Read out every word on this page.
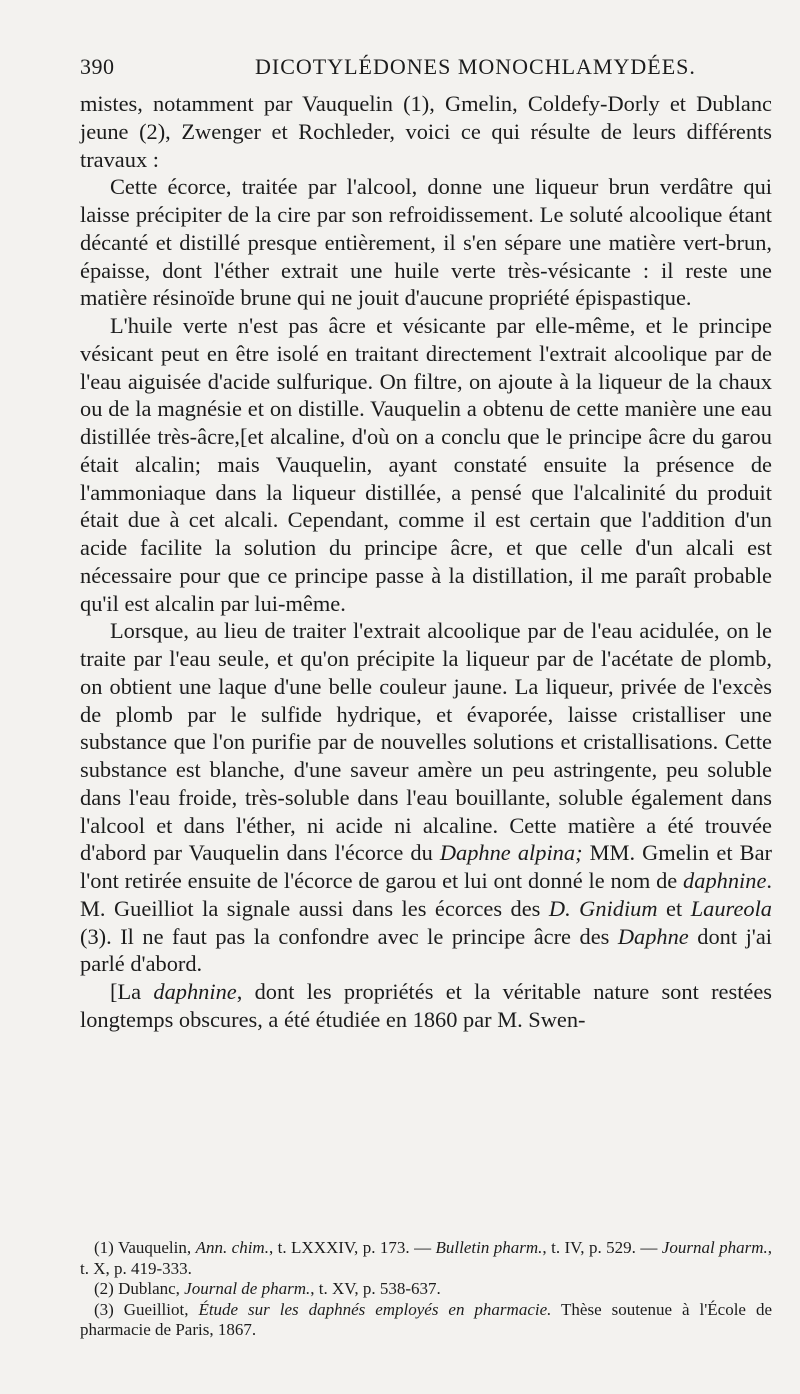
390	DICOTYLÉDONES MONOCHLAMYDÉES.

mistes, notamment par Vauquelin (1), Gmelin, Coldefy-Dorly et Dublanc jeune (2), Zwenger et Rochleder, voici ce qui résulte de leurs différents travaux :

Cette écorce, traitée par l'alcool, donne une liqueur brun verdâtre qui laisse précipiter de la cire par son refroidissement. Le soluté alcoolique étant décanté et distillé presque entièrement, il s'en sépare une matière vert-brun, épaisse, dont l'éther extrait une huile verte très-vésicante : il reste une matière résinoïde brune qui ne jouit d'aucune propriété épispastique.

L'huile verte n'est pas âcre et vésicante par elle-même, et le principe vésicant peut en être isolé en traitant directement l'extrait alcoolique par de l'eau aiguisée d'acide sulfurique. On filtre, on ajoute à la liqueur de la chaux ou de la magnésie et on distille. Vauquelin a obtenu de cette manière une eau distillée très-âcre,[et alcaline, d'où on a conclu que le principe âcre du garou était alcalin; mais Vauquelin, ayant constaté ensuite la présence de l'ammoniaque dans la liqueur distillée, a pensé que l'alcalinité du produit était due à cet alcali. Cependant, comme il est certain que l'addition d'un acide facilite la solution du principe âcre, et que celle d'un alcali est nécessaire pour que ce principe passe à la distillation, il me paraît probable qu'il est alcalin par lui-même.

Lorsque, au lieu de traiter l'extrait alcoolique par de l'eau acidulée, on le traite par l'eau seule, et qu'on précipite la liqueur par de l'acétate de plomb, on obtient une laque d'une belle couleur jaune. La liqueur, privée de l'excès de plomb par le sulfide hydrique, et évaporée, laisse cristalliser une substance que l'on purifie par de nouvelles solutions et cristallisations. Cette substance est blanche, d'une saveur amère un peu astringente, peu soluble dans l'eau froide, très-soluble dans l'eau bouillante, soluble également dans l'alcool et dans l'éther, ni acide ni alcaline. Cette matière a été trouvée d'abord par Vauquelin dans l'écorce du Daphne alpina; MM. Gmelin et Bar l'ont retirée ensuite de l'écorce de garou et lui ont donné le nom de daphnine. M. Gueilliot la signale aussi dans les écorces des D. Gnidium et Laureola (3). Il ne faut pas la confondre avec le principe âcre des Daphne dont j'ai parlé d'abord.

[La daphnine, dont les propriétés et la véritable nature sont restées longtemps obscures, a été étudiée en 1860 par M. Swen-

(1) Vauquelin, Ann. chim., t. LXXXIV, p. 173. — Bulletin pharm., t. IV, p. 529. — Journal pharm., t. X, p. 419-333.

(2) Dublanc, Journal de pharm., t. XV, p. 538-637.

(3) Gueilliot, Étude sur les daphnés employés en pharmacie. Thèse soutenue à l'École de pharmacie de Paris, 1867.
